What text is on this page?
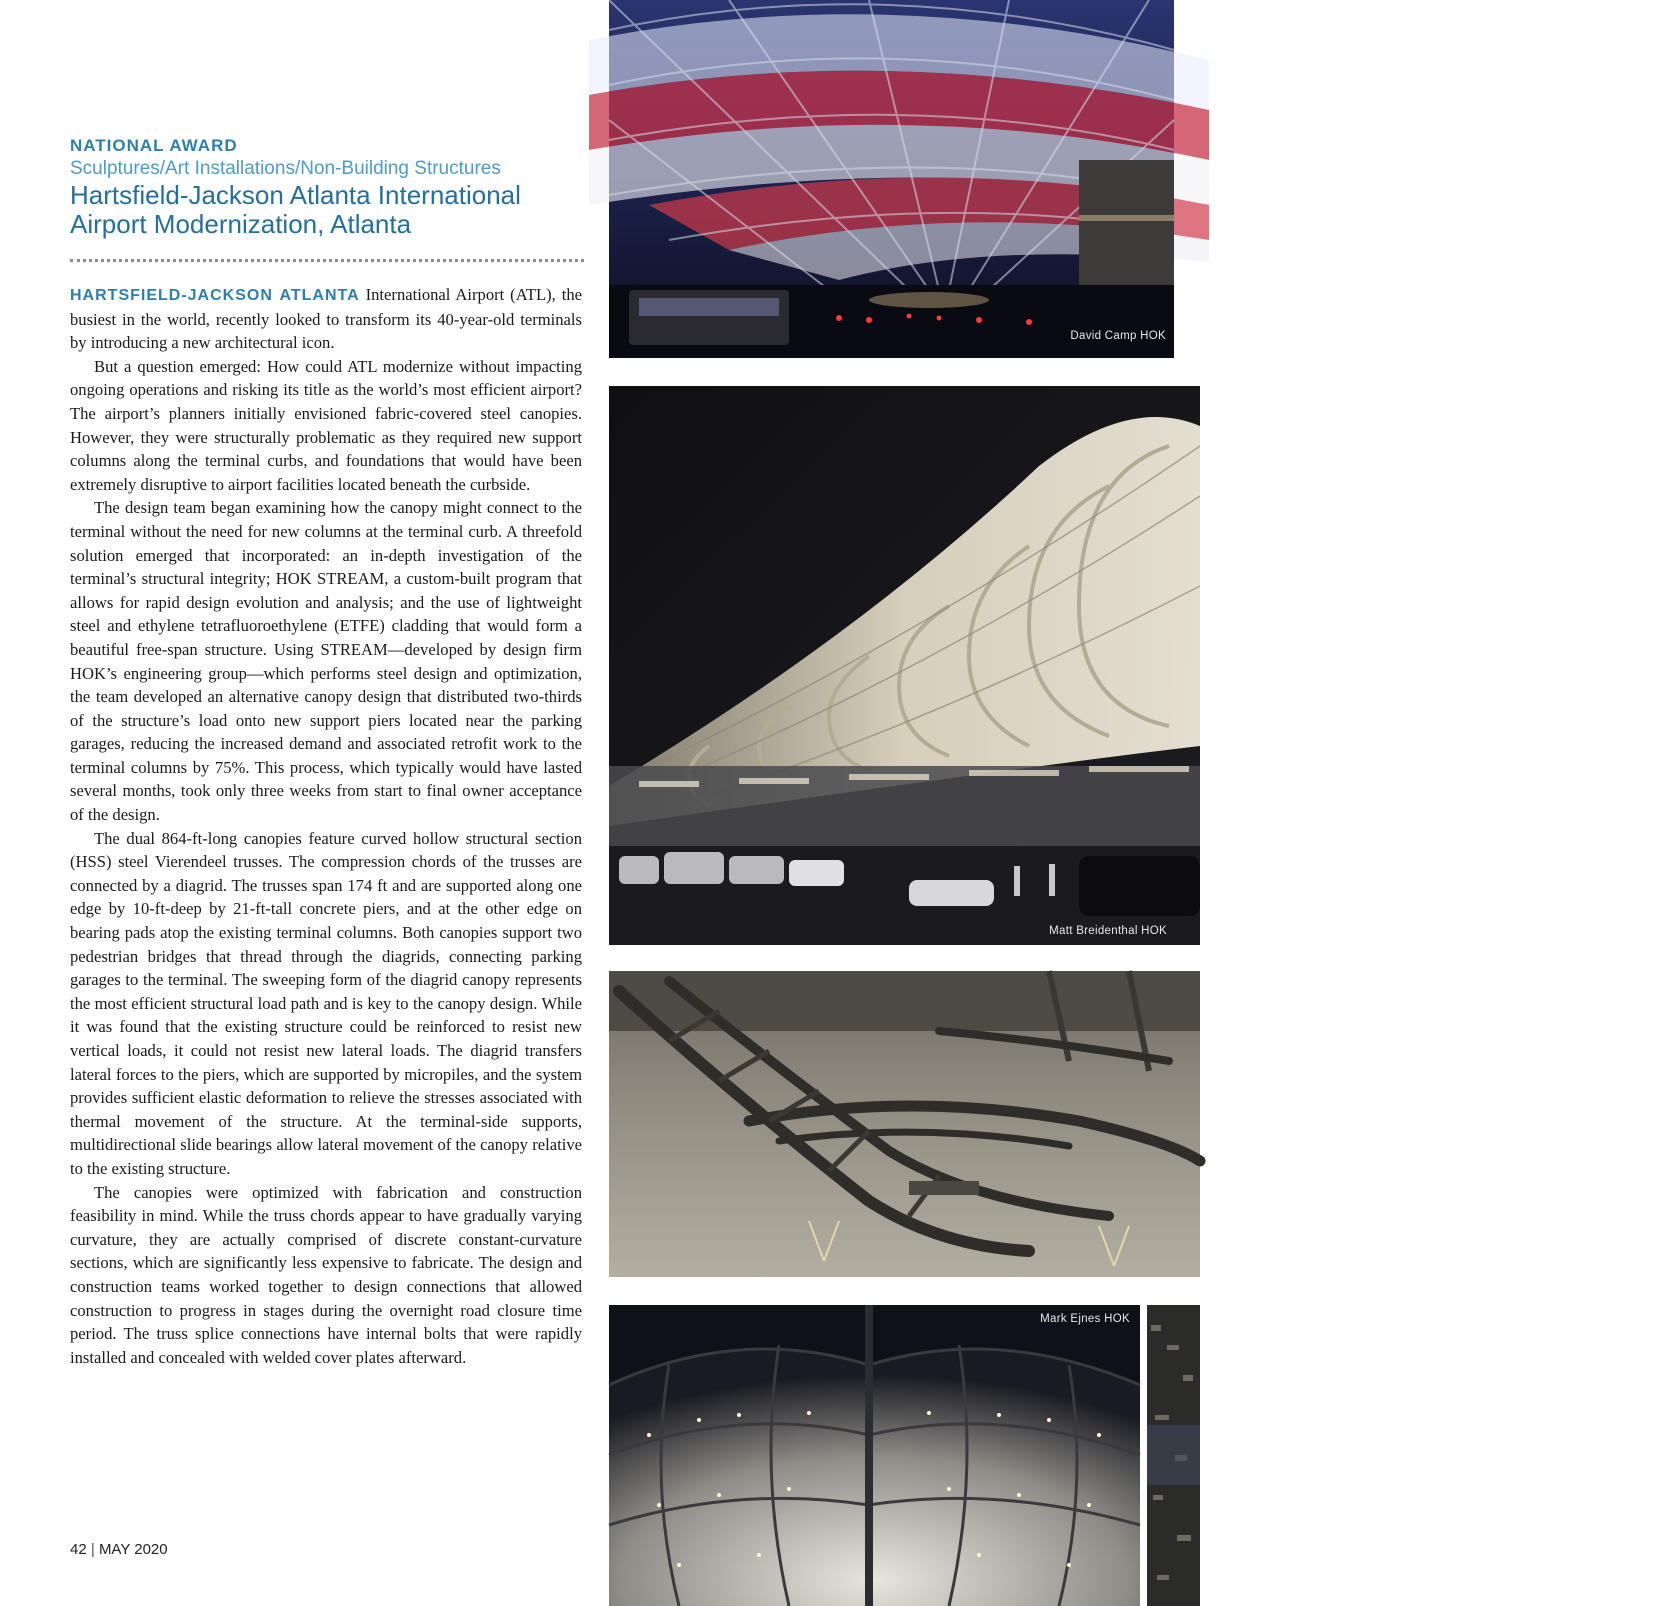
NATIONAL AWARD
Sculptures/Art Installations/Non-Building Structures
Hartsfield-Jackson Atlanta International Airport Modernization, Atlanta

HARTSFIELD-JACKSON ATLANTA International Airport (ATL), the busiest in the world, recently looked to transform its 40-year-old terminals by introducing a new architectural icon.

But a question emerged: How could ATL modernize without impacting ongoing operations and risking its title as the world’s most efficient airport? The airport’s planners initially envisioned fabric-covered steel canopies. However, they were structurally problematic as they required new support columns along the terminal curbs, and foundations that would have been extremely disruptive to airport facilities located beneath the curbside.

The design team began examining how the canopy might connect to the terminal without the need for new columns at the terminal curb. A threefold solution emerged that incorporated: an in-depth investigation of the terminal’s structural integrity; HOK STREAM, a custom-built program that allows for rapid design evolution and analysis; and the use of lightweight steel and ethylene tetrafluoroethylene (ETFE) cladding that would form a beautiful free-span structure. Using STREAM—developed by design firm HOK’s engineering group—which performs steel design and optimization, the team developed an alternative canopy design that distributed two-thirds of the structure’s load onto new support piers located near the parking garages, reducing the increased demand and associated retrofit work to the terminal columns by 75%. This process, which typically would have lasted several months, took only three weeks from start to final owner acceptance of the design.

The dual 864-ft-long canopies feature curved hollow structural section (HSS) steel Vierendeel trusses. The compression chords of the trusses are connected by a diagrid. The trusses span 174 ft and are supported along one edge by 10-ft-deep by 21-ft-tall concrete piers, and at the other edge on bearing pads atop the existing terminal columns. Both canopies support two pedestrian bridges that thread through the diagrids, connecting parking garages to the terminal. The sweeping form of the diagrid canopy represents the most efficient structural load path and is key to the canopy design. While it was found that the existing structure could be reinforced to resist new vertical loads, it could not resist new lateral loads. The diagrid transfers lateral forces to the piers, which are supported by micropiles, and the system provides sufficient elastic deformation to relieve the stresses associated with thermal movement of the structure. At the terminal-side supports, multidirectional slide bearings allow lateral movement of the canopy relative to the existing structure.

The canopies were optimized with fabrication and construction feasibility in mind. While the truss chords appear to have gradually varying curvature, they are actually comprised of discrete constant-curvature sections, which are significantly less expensive to fabricate. The design and construction teams worked together to design connections that allowed construction to progress in stages during the overnight road closure time period. The truss splice connections have internal bolts that were rapidly installed and concealed with welded cover plates afterward.

42 | MAY 2020
David Camp HOK
The project’s complex 3D modeling had to precisely plan each section component for quick construction, and the pieces had to be timed perfectly.
—Kari Berg
Matt Breidenthal HOK
Mark Ejnes HOK
